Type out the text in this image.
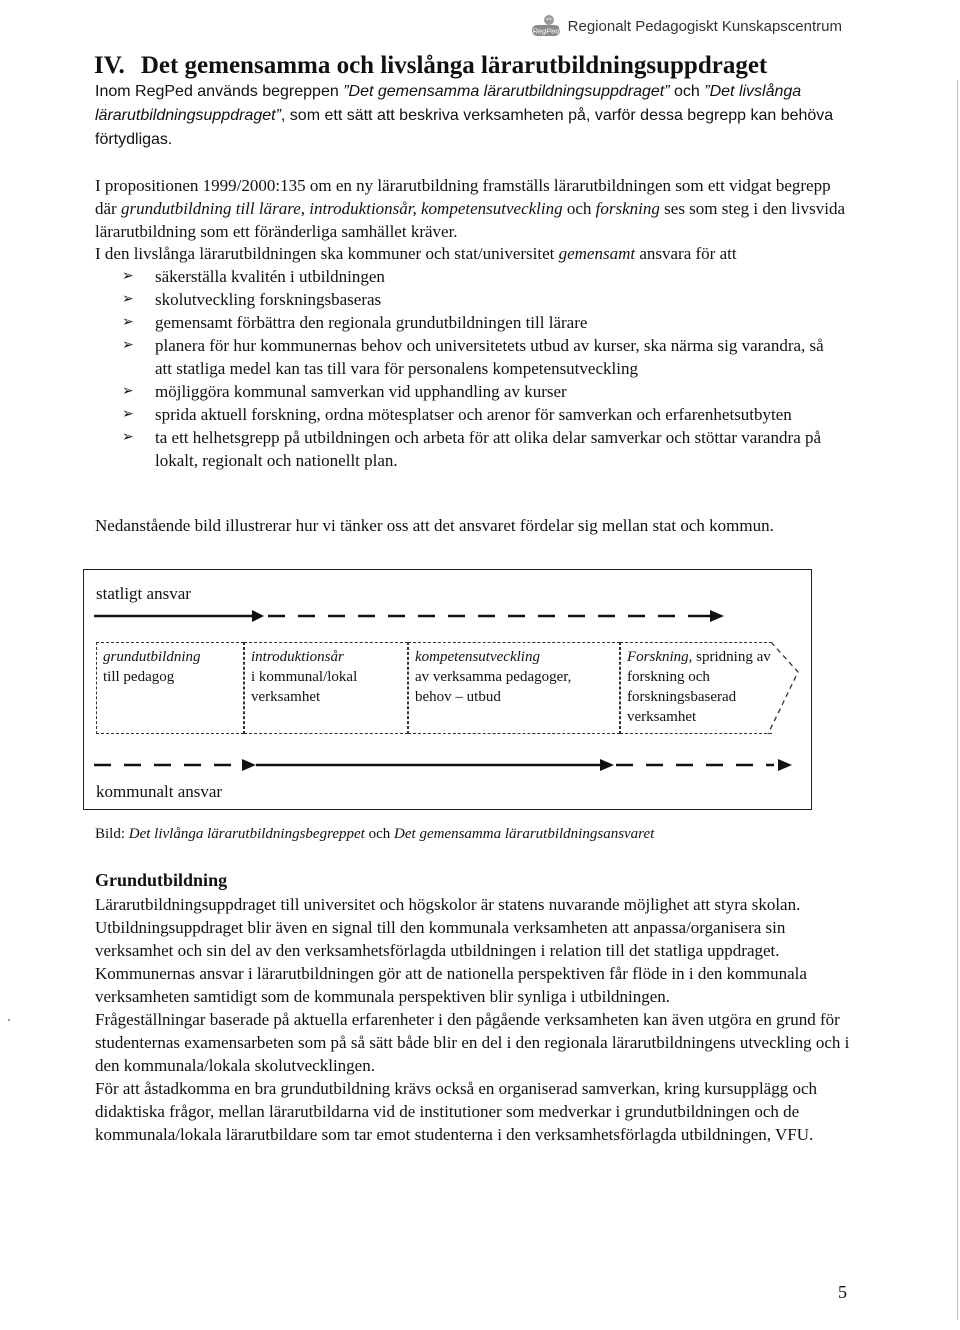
RegPed Regionalt Pedagogiskt Kunskapscentrum
IV. Det gemensamma och livslånga lärarutbildningsuppdraget
Inom RegPed används begreppen ”Det gemensamma lärarutbildningsuppdraget” och ”Det livslånga lärarutbildningsuppdraget”, som ett sätt att beskriva verksamheten på, varför dessa begrepp kan behöva förtydligas.
I propositionen 1999/2000:135 om en ny lärarutbildning framställs lärarutbildningen som ett vidgat begrepp där grundutbildning till lärare, introduktionsår, kompetensutveckling och forskning ses som steg i den livsvida lärarutbildning som ett föränderliga samhället kräver.
I den livslånga lärarutbildningen ska kommuner och stat/universitet gemensamt ansvara för att
➢ säkerställa kvalitén i utbildningen
➢ skolutveckling forskningsbaseras
➢ gemensamt förbättra den regionala grundutbildningen till lärare
➢ planera för hur kommunernas behov och universitetets utbud av kurser, ska närma sig varandra, så att statliga medel kan tas till vara för personalens kompetensutveckling
➢ möjliggöra kommunal samverkan vid upphandling av kurser
➢ sprida aktuell forskning, ordna mötesplatser och arenor för samverkan och erfarenhetsutbyten
➢ ta ett helhetsgrepp på utbildningen och arbeta för att olika delar samverkar och stöttar varandra på lokalt, regionalt och nationellt plan.
Nedanstående bild illustrerar hur vi tänker oss att det ansvaret fördelar sig mellan stat och kommun.
statligt ansvar
grundutbildning
till pedagog
introduktionsår
i kommunal/lokal
verksamhet
kompetensutveckling
av verksamma pedagoger,
behov – utbud
Forskning, spridning av
forskning och
forskningsbaserad
verksamhet
kommunalt ansvar
Bild: Det livlånga lärarutbildningsbegreppet och Det gemensamma lärarutbildningsansvaret
Grundutbildning

Lärarutbildningsuppdraget till universitet och högskolor är statens nuvarande möjlighet att styra skolan. Utbildningsuppdraget blir även en signal till den kommunala verksamheten att anpassa/organisera sin verksamhet och sin del av den verksamhetsförlagda utbildningen i relation till det statliga uppdraget.

Kommunernas ansvar i lärarutbildningen gör att de nationella perspektiven får flöde in i den kommunala verksamheten samtidigt som de kommunala perspektiven blir synliga i utbildningen.

Frågeställningar baserade på aktuella erfarenheter i den pågående verksamheten kan även utgöra en grund för studenternas examensarbeten som på så sätt både blir en del i den regionala lärarutbildningens utveckling och i den kommunala/lokala skolutvecklingen.

För att åstadkomma en bra grundutbildning krävs också en organiserad samverkan, kring kursupplägg och didaktiska frågor, mellan lärarutbildarna vid de institutioner som medverkar i grundutbildningen och de kommunala/lokala lärarutbildare som tar emot studenterna i den verksamhetsförlagda utbildningen, VFU.

5
